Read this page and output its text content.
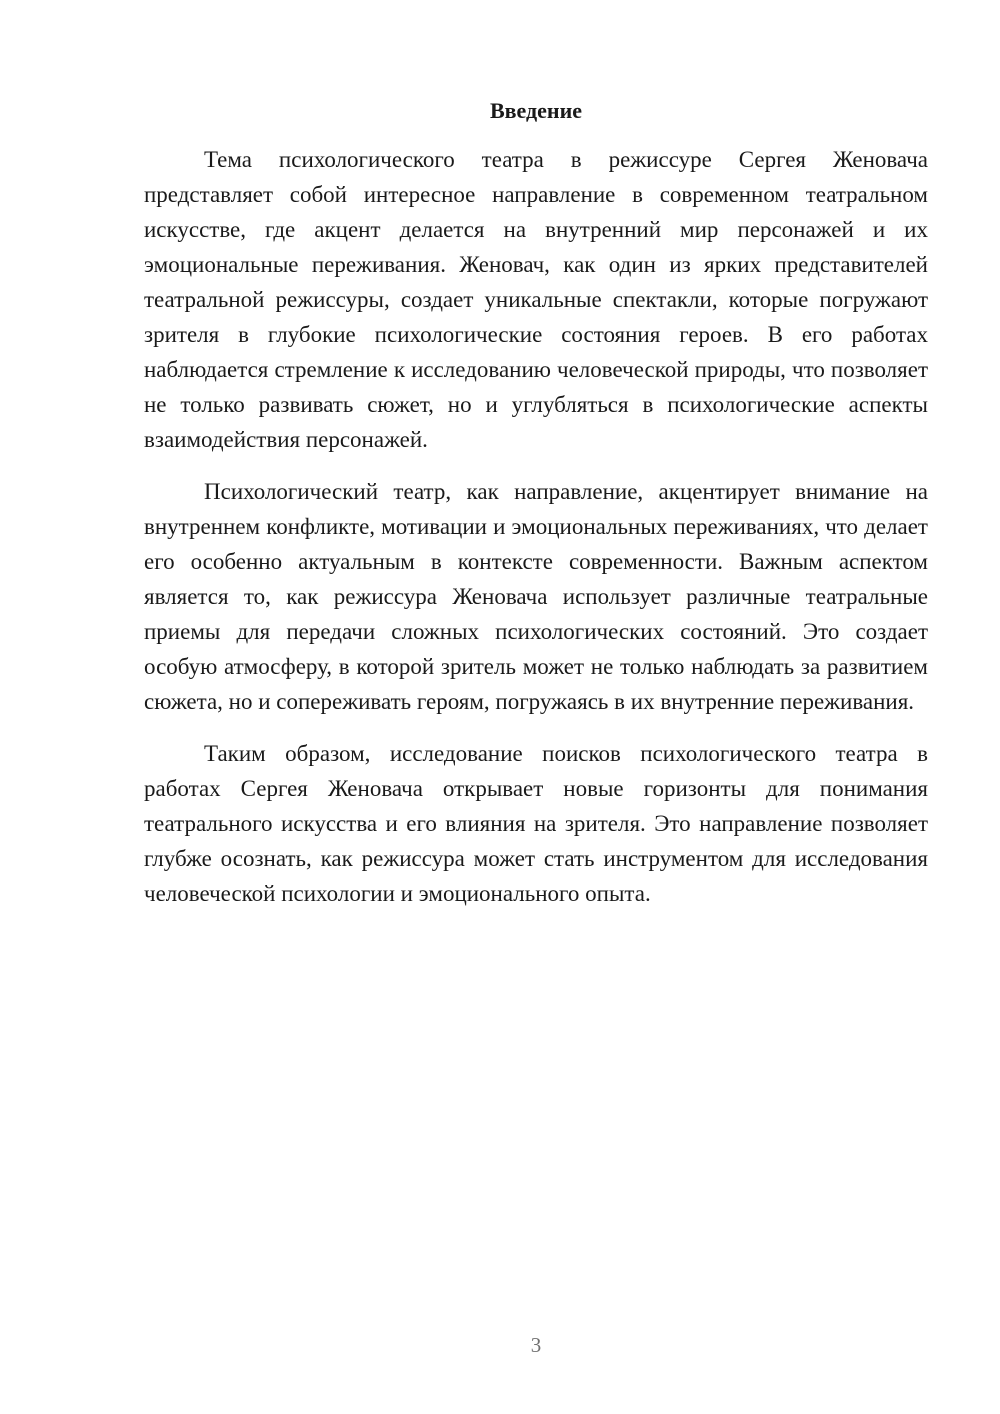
Введение

Тема психологического театра в режиссуре Сергея Женовача представляет собой интересное направление в современном театральном искусстве, где акцент делается на внутренний мир персонажей и их эмоциональные переживания. Женовач, как один из ярких представителей театральной режиссуры, создает уникальные спектакли, которые погружают зрителя в глубокие психологические состояния героев. В его работах наблюдается стремление к исследованию человеческой природы, что позволяет не только развивать сюжет, но и углубляться в психологические аспекты взаимодействия персонажей.

Психологический театр, как направление, акцентирует внимание на внутреннем конфликте, мотивации и эмоциональных переживаниях, что делает его особенно актуальным в контексте современности. Важным аспектом является то, как режиссура Женовача использует различные театральные приемы для передачи сложных психологических состояний. Это создает особую атмосферу, в которой зритель может не только наблюдать за развитием сюжета, но и сопереживать героям, погружаясь в их внутренние переживания.

Таким образом, исследование поисков психологического театра в работах Сергея Женовача открывает новые горизонты для понимания театрального искусства и его влияния на зрителя. Это направление позволяет глубже осознать, как режиссура может стать инструментом для исследования человеческой психологии и эмоционального опыта.

3
